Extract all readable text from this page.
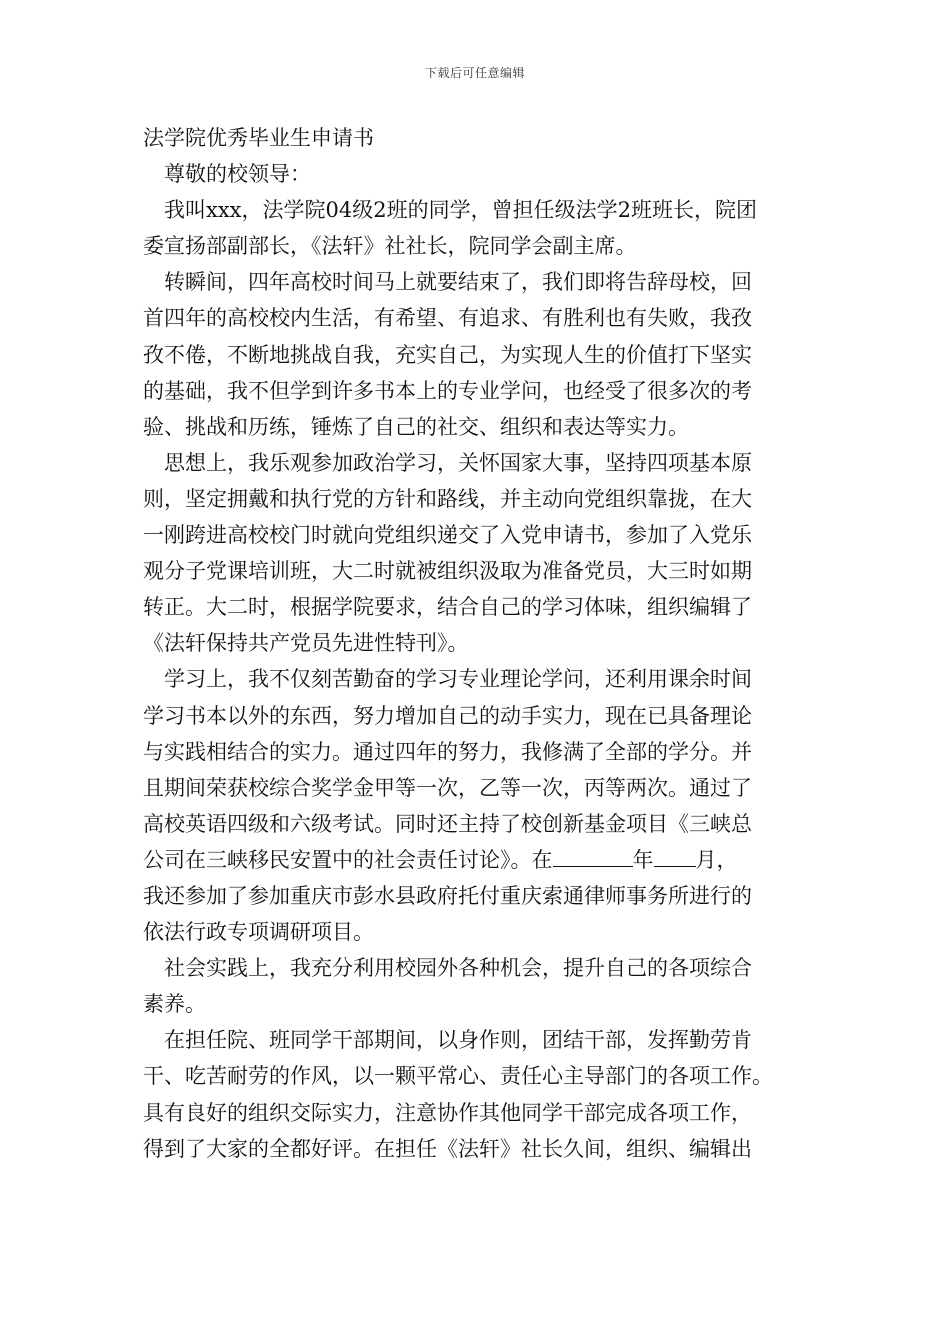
下载后可任意编辑
法学院优秀毕业生申请书
　尊敬的校领导：
　我叫xxx，法学院04级2班的同学，曾担任级法学2班班长，院团
委宣扬部副部长，《法轩》社社长，院同学会副主席。
　转瞬间，四年高校时间马上就要结束了，我们即将告辞母校，回
首四年的高校校内生活，有希望、有追求、有胜利也有失败，我孜
孜不倦，不断地挑战自我，充实自己，为实现人生的价值打下坚实
的基础，我不但学到许多书本上的专业学问，也经受了很多次的考
验、挑战和历练，锤炼了自己的社交、组织和表达等实力。
　思想上，我乐观参加政治学习，关怀国家大事，坚持四项基本原
则，坚定拥戴和执行党的方针和路线，并主动向党组织靠拢，在大
一刚跨进高校校门时就向党组织递交了入党申请书，参加了入党乐
观分子党课培训班，大二时就被组织汲取为准备党员，大三时如期
转正。大二时，根据学院要求，结合自己的学习体味，组织编辑了
《法轩保持共产党员先进性特刊》。
　学习上，我不仅刻苦勤奋的学习专业理论学问，还利用课余时间
学习书本以外的东西，努力增加自己的动手实力，现在已具备理论
与实践相结合的实力。通过四年的努力，我修满了全部的学分。并
且期间荣获校综合奖学金甲等一次，乙等一次，丙等两次。通过了
高校英语四级和六级考试。同时还主持了校创新基金项目《三峡总
公司在三峡移民安置中的社会责任讨论》。在	年 月，
我还参加了参加重庆市彭水县政府托付重庆索通律师事务所进行的
依法行政专项调研项目。
　社会实践上，我充分利用校园外各种机会，提升自己的各项综合
素养。
　在担任院、班同学干部期间，以身作则，团结干部，发挥勤劳肯
干、吃苦耐劳的作风，以一颗平常心、责任心主导部门的各项工作。
具有良好的组织交际实力，注意协作其他同学干部完成各项工作，
得到了大家的全都好评。在担任《法轩》社长久间，组织、编辑出
